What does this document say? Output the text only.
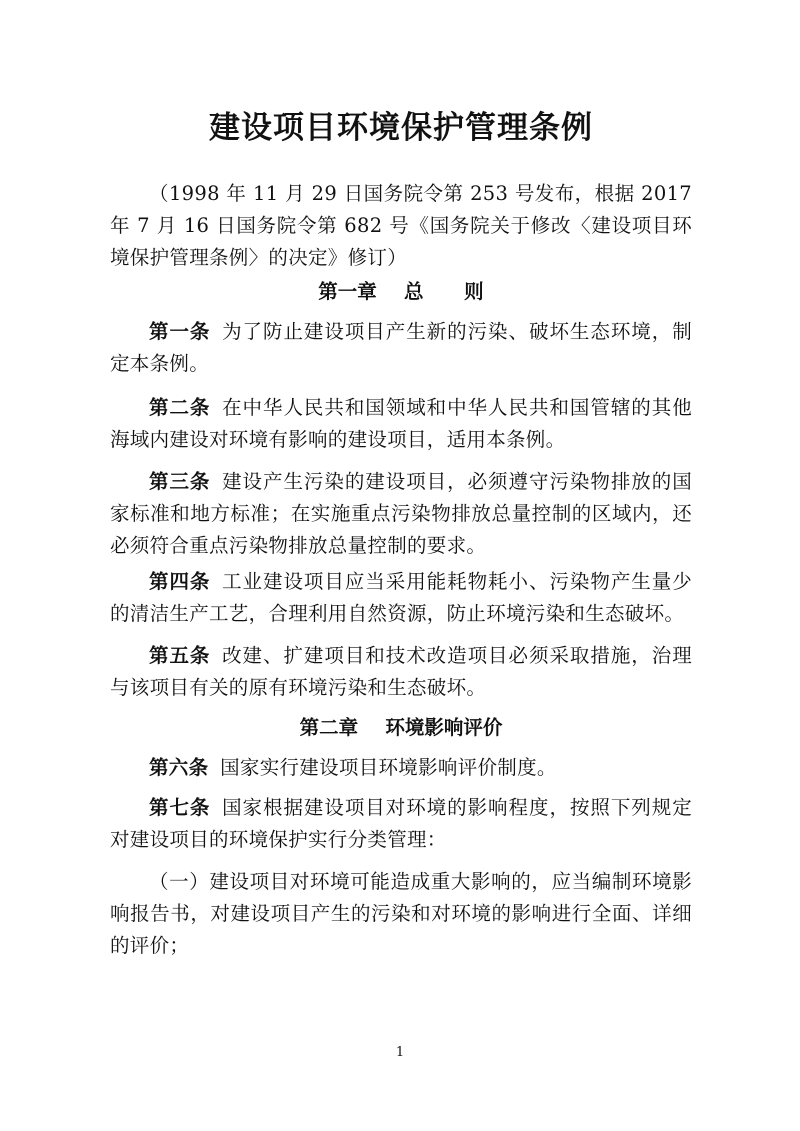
建设项目环境保护管理条例

（1998 年 11 月 29 日国务院令第 253 号发布，根据 2017 年 7 月 16 日国务院令第 682 号《国务院关于修改〈建设项目环境保护管理条例〉的决定》修订）

第一章    总      则

第一条 为了防止建设项目产生新的污染、破坏生态环境，制定本条例。

第二条 在中华人民共和国领域和中华人民共和国管辖的其他海域内建设对环境有影响的建设项目，适用本条例。

第三条 建设产生污染的建设项目，必须遵守污染物排放的国家标准和地方标准；在实施重点污染物排放总量控制的区域内，还必须符合重点污染物排放总量控制的要求。

第四条 工业建设项目应当采用能耗物耗小、污染物产生量少的清洁生产工艺，合理利用自然资源，防止环境污染和生态破坏。

第五条 改建、扩建项目和技术改造项目必须采取措施，治理与该项目有关的原有环境污染和生态破坏。

第二章    环境影响评价

第六条 国家实行建设项目环境影响评价制度。

第七条 国家根据建设项目对环境的影响程度，按照下列规定对建设项目的环境保护实行分类管理：

（一）建设项目对环境可能造成重大影响的，应当编制环境影响报告书，对建设项目产生的污染和对环境的影响进行全面、详细的评价；

1
